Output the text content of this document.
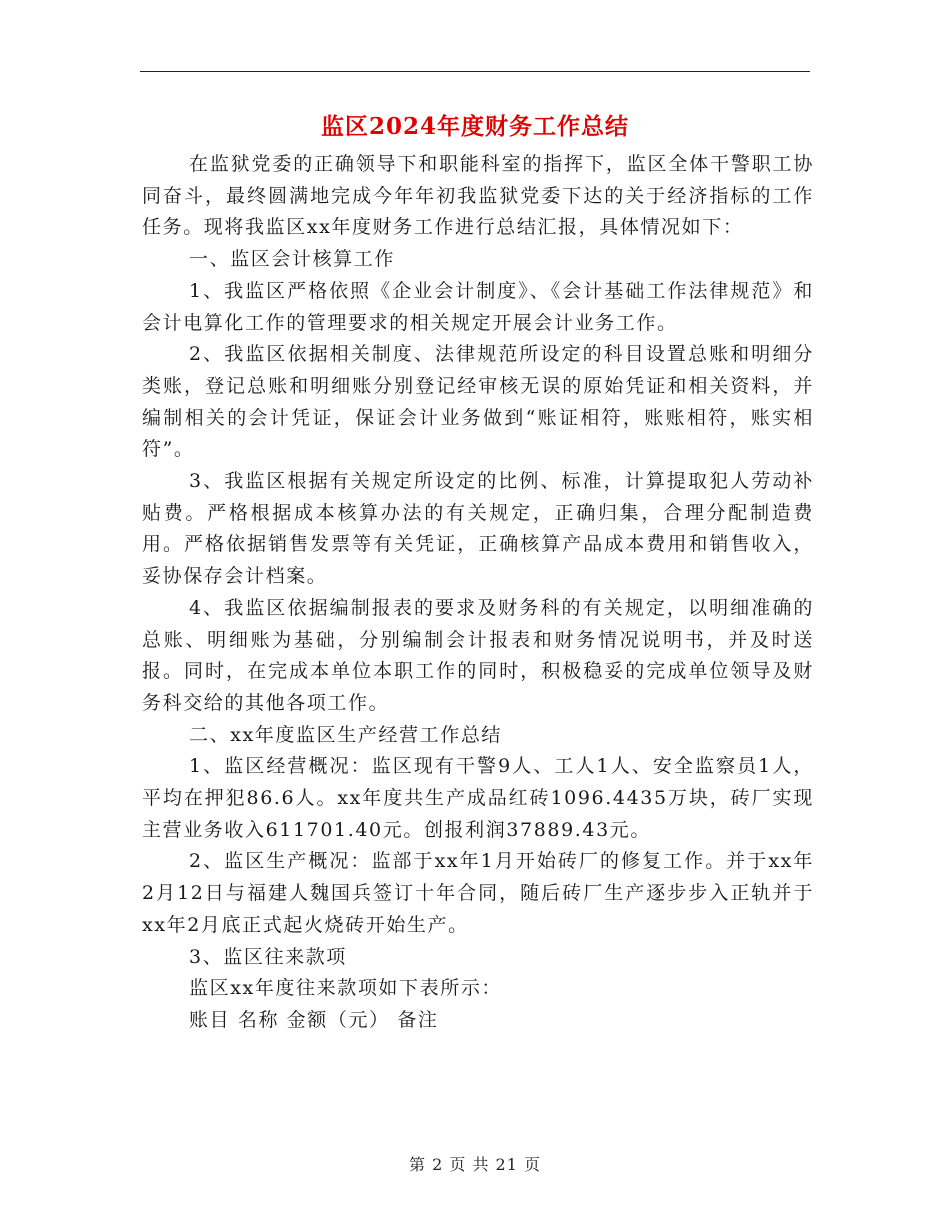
监区2024年度财务工作总结

在监狱党委的正确领导下和职能科室的指挥下，监区全体干警职工协同奋斗，最终圆满地完成今年年初我监狱党委下达的关于经济指标的工作任务。现将我监区xx年度财务工作进行总结汇报，具体情况如下：

一、监区会计核算工作

1、我监区严格依照《企业会计制度》、《会计基础工作法律规范》和会计电算化工作的管理要求的相关规定开展会计业务工作。

2、我监区依据相关制度、法律规范所设定的科目设置总账和明细分类账，登记总账和明细账分别登记经审核无误的原始凭证和相关资料，并编制相关的会计凭证，保证会计业务做到“账证相符，账账相符，账实相符”。

3、我监区根据有关规定所设定的比例、标准，计算提取犯人劳动补贴费。严格根据成本核算办法的有关规定，正确归集，合理分配制造费用。严格依据销售发票等有关凭证，正确核算产品成本费用和销售收入，妥协保存会计档案。

4、我监区依据编制报表的要求及财务科的有关规定，以明细准确的总账、明细账为基础，分别编制会计报表和财务情况说明书，并及时送报。同时，在完成本单位本职工作的同时，积极稳妥的完成单位领导及财务科交给的其他各项工作。

二、xx年度监区生产经营工作总结

1、监区经营概况：监区现有干警9人、工人1人、安全监察员1人，平均在押犯86.6人。xx年度共生产成品红砖1096.4435万块，砖厂实现主营业务收入611701.40元。创报利润37889.43元。

2、监区生产概况：监部于xx年1月开始砖厂的修复工作。并于xx年2月12日与福建人魏国兵签订十年合同，随后砖厂生产逐步步入正轨并于xx年2月底正式起火烧砖开始生产。

3、监区往来款项

监区xx年度往来款项如下表所示：

账目 名称 金额（元） 备注

第 2 页 共 21 页
